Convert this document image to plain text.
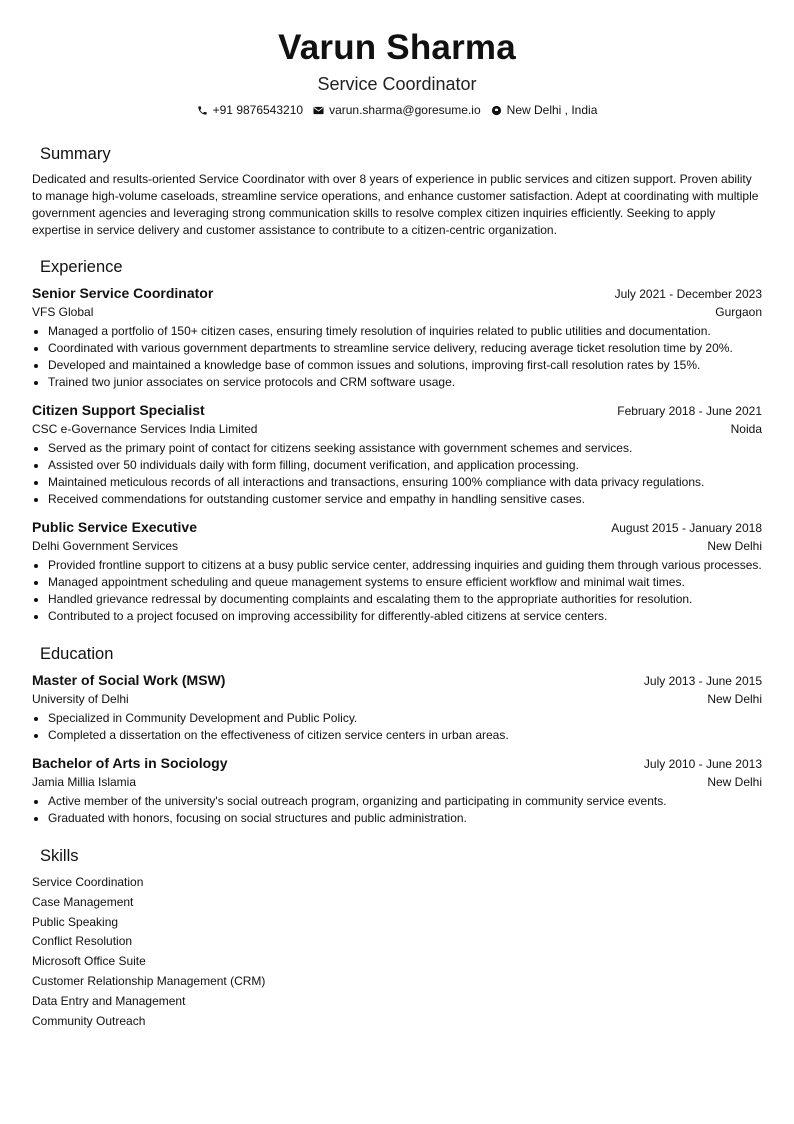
Varun Sharma
Service Coordinator
+91 9876543210 varun.sharma@goresume.io New Delhi , India
Summary
Dedicated and results-oriented Service Coordinator with over 8 years of experience in public services and citizen support. Proven ability to manage high-volume caseloads, streamline service operations, and enhance customer satisfaction. Adept at coordinating with multiple government agencies and leveraging strong communication skills to resolve complex citizen inquiries efficiently. Seeking to apply expertise in service delivery and customer assistance to contribute to a citizen-centric organization.
Experience
Senior Service Coordinator	July 2021 - December 2023
VFS Global	Gurgaon
Managed a portfolio of 150+ citizen cases, ensuring timely resolution of inquiries related to public utilities and documentation.
Coordinated with various government departments to streamline service delivery, reducing average ticket resolution time by 20%.
Developed and maintained a knowledge base of common issues and solutions, improving first-call resolution rates by 15%.
Trained two junior associates on service protocols and CRM software usage.
Citizen Support Specialist	February 2018 - June 2021
CSC e-Governance Services India Limited	Noida
Served as the primary point of contact for citizens seeking assistance with government schemes and services.
Assisted over 50 individuals daily with form filling, document verification, and application processing.
Maintained meticulous records of all interactions and transactions, ensuring 100% compliance with data privacy regulations.
Received commendations for outstanding customer service and empathy in handling sensitive cases.
Public Service Executive	August 2015 - January 2018
Delhi Government Services	New Delhi
Provided frontline support to citizens at a busy public service center, addressing inquiries and guiding them through various processes.
Managed appointment scheduling and queue management systems to ensure efficient workflow and minimal wait times.
Handled grievance redressal by documenting complaints and escalating them to the appropriate authorities for resolution.
Contributed to a project focused on improving accessibility for differently-abled citizens at service centers.
Education
Master of Social Work (MSW)	July 2013 - June 2015
University of Delhi	New Delhi
Specialized in Community Development and Public Policy.
Completed a dissertation on the effectiveness of citizen service centers in urban areas.
Bachelor of Arts in Sociology	July 2010 - June 2013
Jamia Millia Islamia	New Delhi
Active member of the university's social outreach program, organizing and participating in community service events.
Graduated with honors, focusing on social structures and public administration.
Skills
Service Coordination
Case Management
Public Speaking
Conflict Resolution
Microsoft Office Suite
Customer Relationship Management (CRM)
Data Entry and Management
Community Outreach
